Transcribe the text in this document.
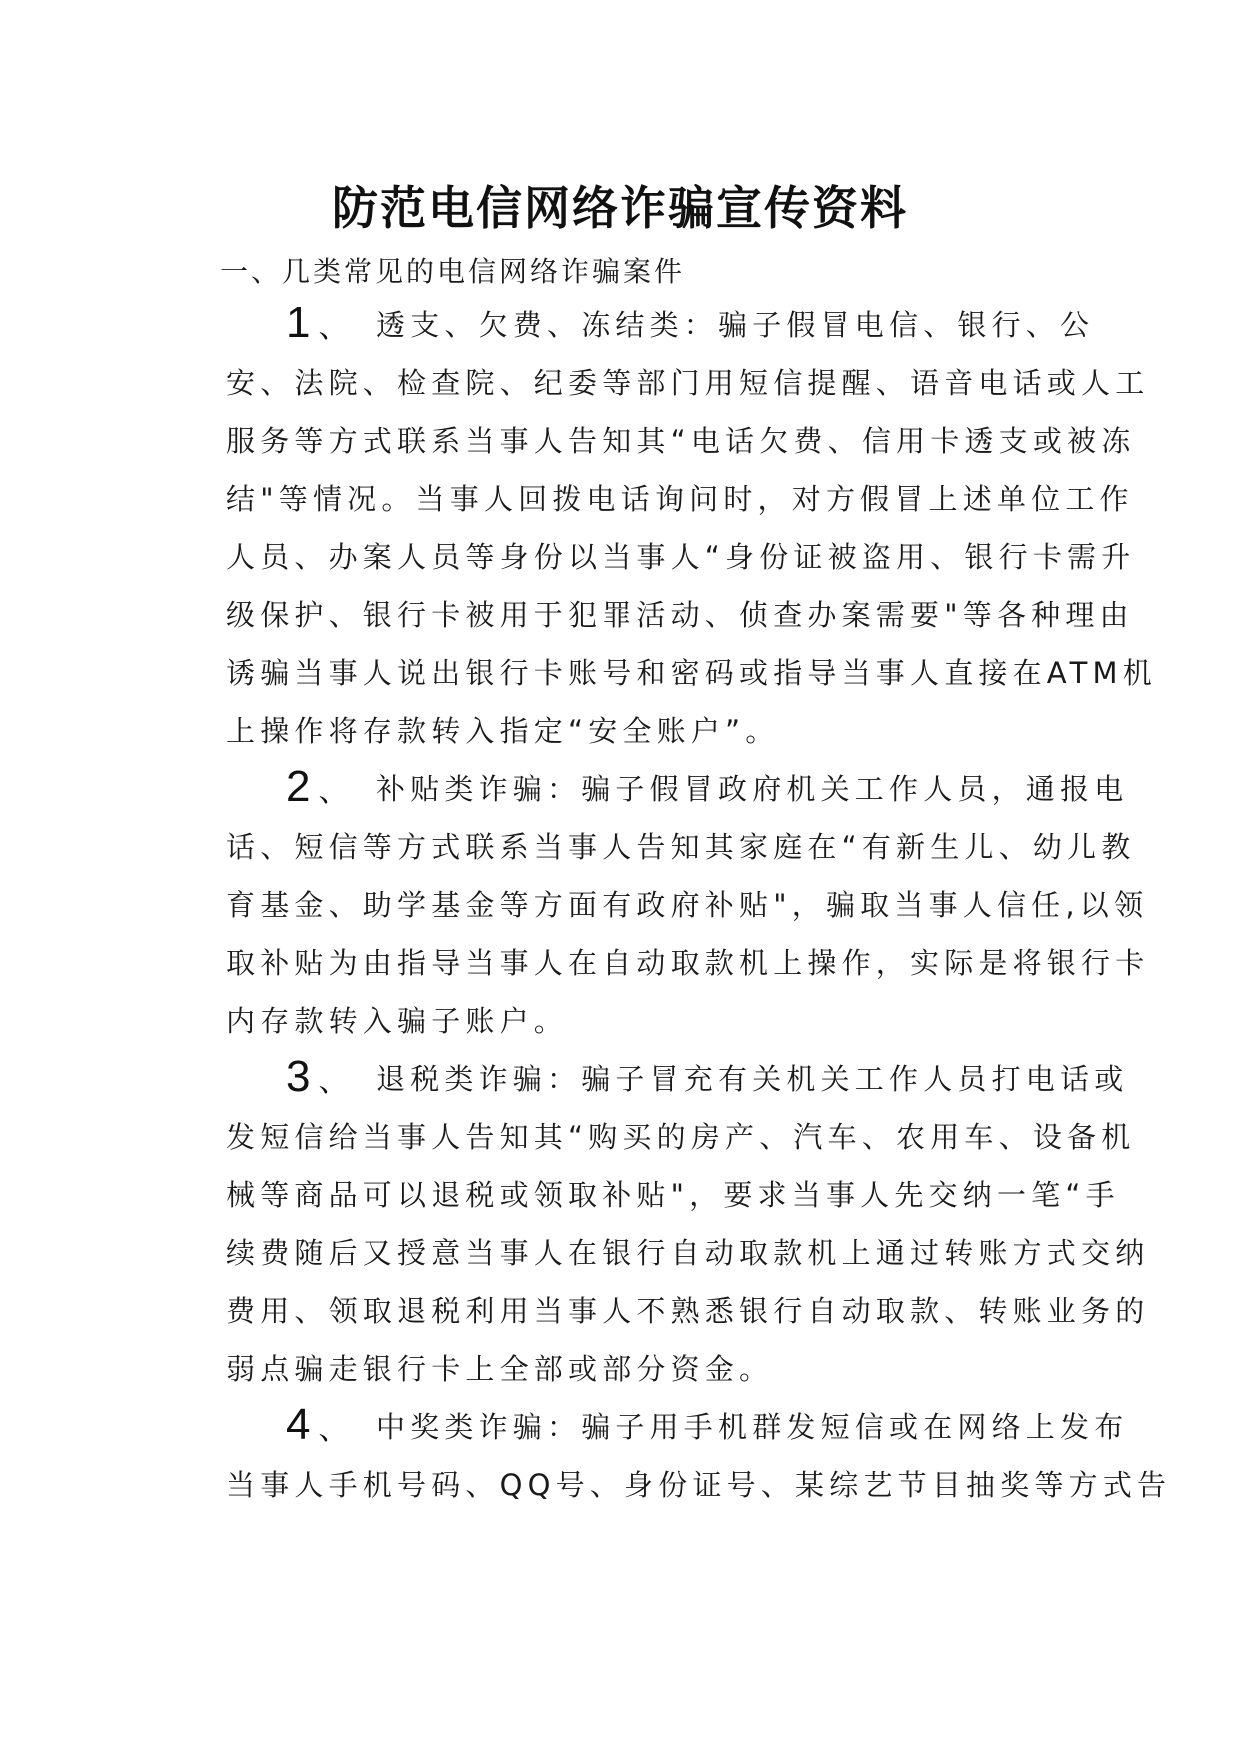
防范电信网络诈骗宣传资料
一、几类常见的电信网络诈骗案件
1 、 透支、欠费、冻结类：骗子假冒电信、银行、公
安、法院、检查院、纪委等部门用短信提醒、语音电话或人工
服务等方式联系当事人告知其“电话欠费、信用卡透支或被冻
结"等情况。当事人回拨电话询问时，对方假冒上述单位工作
人员、办案人员等身份以当事人“身份证被盗用、银行卡需升
级保护、银行卡被用于犯罪活动、侦查办案需要"等各种理由
诱骗当事人说出银行卡账号和密码或指导当事人直接在ATM机
上操作将存款转入指定“安全账户”。
2 、 补贴类诈骗：骗子假冒政府机关工作人员，通报电
话、短信等方式联系当事人告知其家庭在“有新生儿、幼儿教
育基金、助学基金等方面有政府补贴"，骗取当事人信任,以领
取补贴为由指导当事人在自动取款机上操作，实际是将银行卡
内存款转入骗子账户。
3 、 退税类诈骗：骗子冒充有关机关工作人员打电话或
发短信给当事人告知其“购买的房产、汽车、农用车、设备机
械等商品可以退税或领取补贴"，要求当事人先交纳一笔“手
续费随后又授意当事人在银行自动取款机上通过转账方式交纳
费用、领取退税利用当事人不熟悉银行自动取款、转账业务的
弱点骗走银行卡上全部或部分资金。
4 、 中奖类诈骗：骗子用手机群发短信或在网络上发布
当事人手机号码、QQ号、身份证号、某综艺节目抽奖等方式告
